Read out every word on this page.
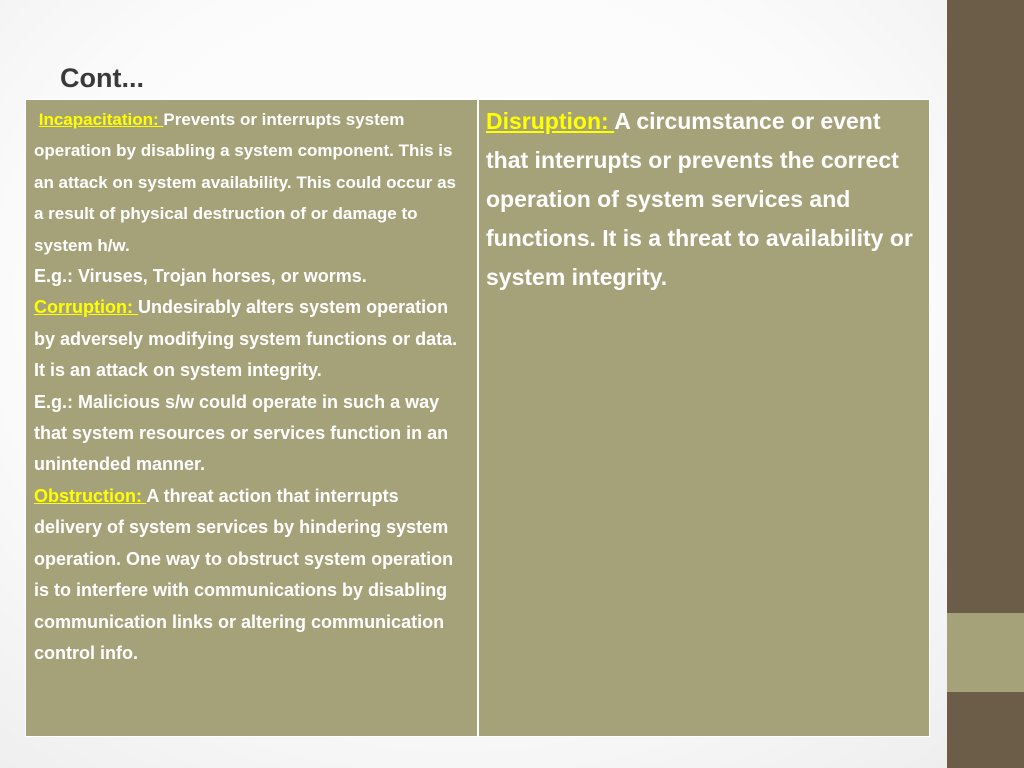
Cont...
Incapacitation: Prevents or interrupts system operation by disabling a system component. This is an attack on system availability. This could occur as a result of physical destruction of or damage to system h/w.
E.g.: Viruses, Trojan horses, or worms.
Corruption: Undesirably alters system operation by adversely modifying system functions or data. It is an attack on system integrity.
E.g.: Malicious s/w could operate in such a way that system resources or services function in an unintended manner.
Obstruction: A threat action that interrupts delivery of system services by hindering system operation. One way to obstruct system operation is to interfere with communications by disabling communication links or altering communication control info.
Disruption: A circumstance or event that interrupts or prevents the correct operation of system services and functions. It is a threat to availability or system integrity.
